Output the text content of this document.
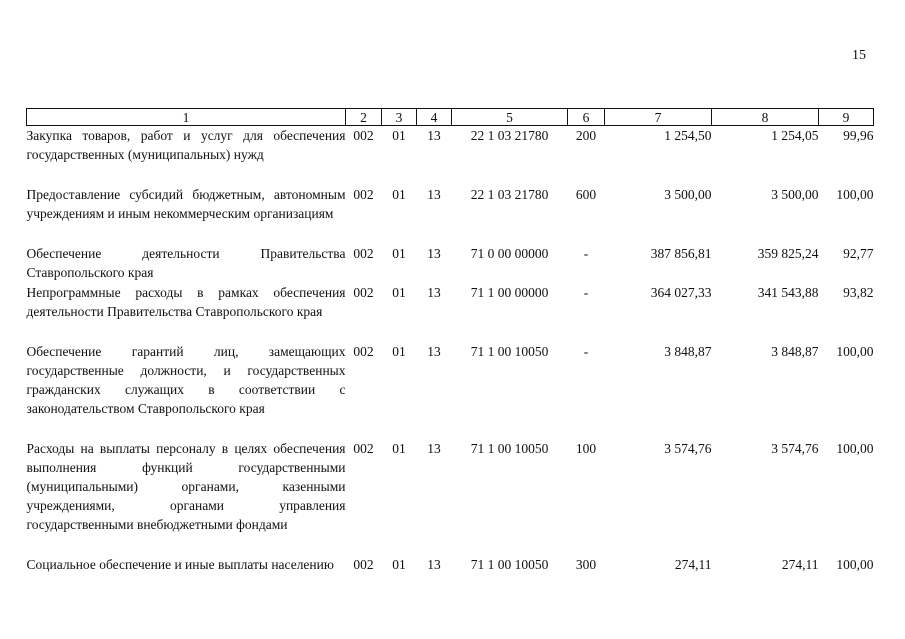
15
1	2	3	4	5	6	7	8	9
Закупка товаров, работ и услуг для обеспечения государственных (муниципальных) нужд	002	01	13	22 1 03 21780	200	1 254,50	1 254,05	99,96
Предоставление субсидий бюджетным, автономным учреждениям и иным некоммерческим организациям	002	01	13	22 1 03 21780	600	3 500,00	3 500,00	100,00
Обеспечение деятельности Правительства Ставропольского края	002	01	13	71 0 00 00000	-	387 856,81	359 825,24	92,77
Непрограммные расходы в рамках обеспечения деятельности Правительства Ставропольского края	002	01	13	71 1 00 00000	-	364 027,33	341 543,88	93,82
Обеспечение гарантий лиц, замещающих государственные должности, и государственных гражданских служащих в соответствии с законодательством Ставропольского края	002	01	13	71 1 00 10050	-	3 848,87	3 848,87	100,00
Расходы на выплаты персоналу в целях обеспечения выполнения функций государственными (муниципальными) органами, казенными учреждениями, органами управления государственными внебюджетными фондами	002	01	13	71 1 00 10050	100	3 574,76	3 574,76	100,00
Социальное обеспечение и иные выплаты населению	002	01	13	71 1 00 10050	300	274,11	274,11	100,00
